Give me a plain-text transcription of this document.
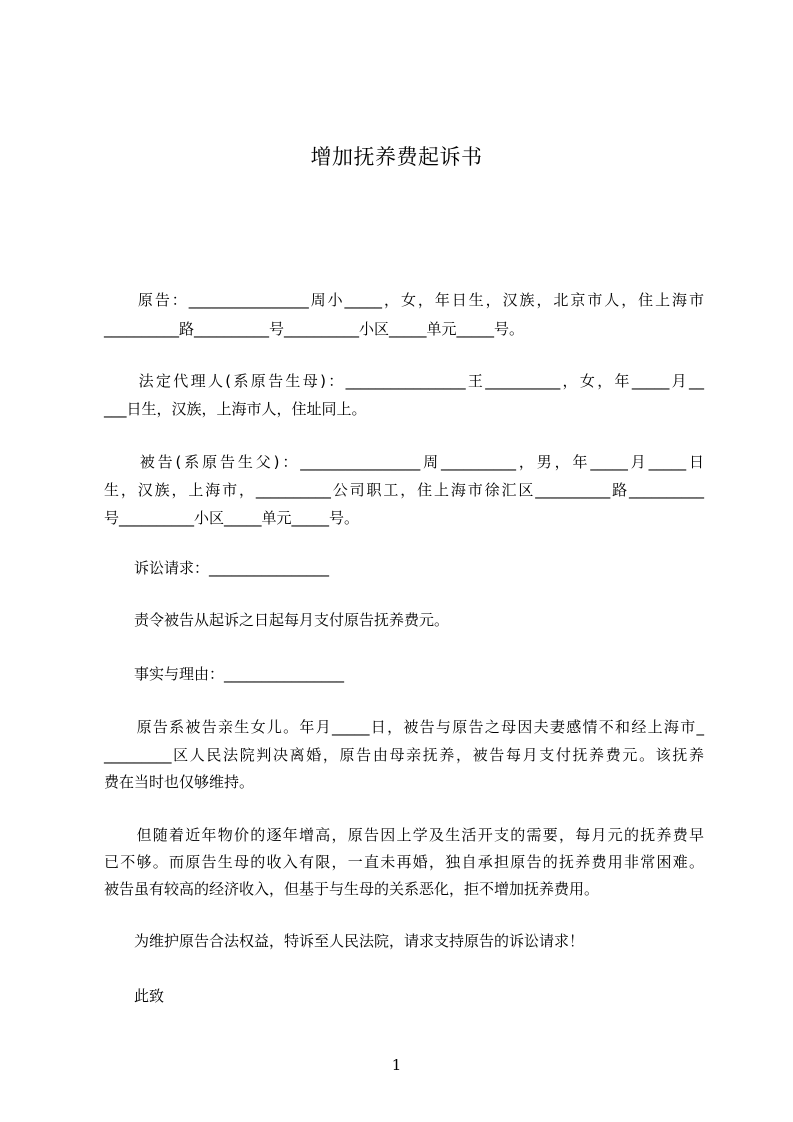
增加抚养费起诉书
　　原告：________________周小_____，女，年日生，汉族，北京市人，住上海市
__________路__________号__________小区_____单元_____号。
　　法定代理人(系原告生母)：________________王__________，女，年_____月__
___日生，汉族，上海市人，住址同上。
　　被告(系原告生父)：________________周__________，男，年_____月_____日
生，汉族，上海市，__________公司职工，住上海市徐汇区__________路__________
号__________小区_____单元_____号。
　　诉讼请求：________________
　　责令被告从起诉之日起每月支付原告抚养费元。
　　事实与理由：________________
　　原告系被告亲生女儿。年月_____日，被告与原告之母因夫妻感情不和经上海市_
_________区人民法院判决离婚，原告由母亲抚养，被告每月支付抚养费元。该抚养
费在当时也仅够维持。
　　但随着近年物价的逐年增高，原告因上学及生活开支的需要，每月元的抚养费早
已不够。而原告生母的收入有限，一直未再婚，独自承担原告的抚养费用非常困难。
被告虽有较高的经济收入，但基于与生母的关系恶化，拒不增加抚养费用。
　　为维护原告合法权益，特诉至人民法院，请求支持原告的诉讼请求！
　　此致
1
